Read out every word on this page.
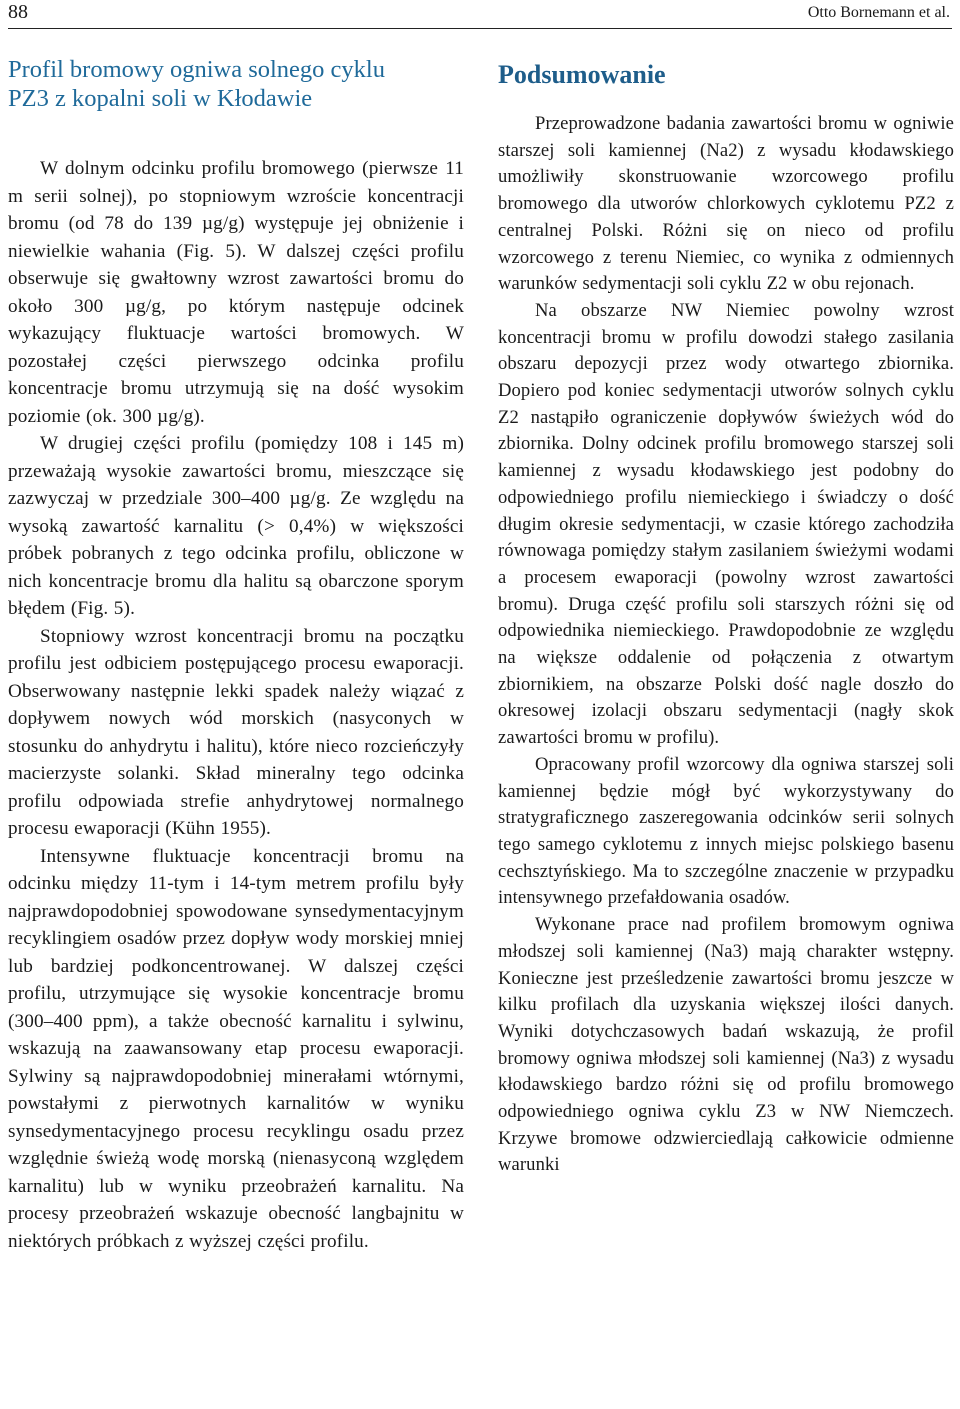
88	Otto Bornemann et al.
Profil bromowy ogniwa solnego cyklu
PZ3 z kopalni soli w Kłodawie

W dolnym odcinku profilu bromowego (pierwsze 11 m serii solnej), po stopniowym wzroście koncentracji bromu (od 78 do 139 µg/g) występuje jej obniżenie i niewielkie wahania (Fig. 5). W dalszej części profilu obserwuje się gwałtowny wzrost zawartości bromu do około 300 µg/g, po którym następuje odcinek wykazujący fluktuacje wartości bromowych. W pozostałej części pierwszego odcinka profilu koncentracje bromu utrzymują się na dość wysokim poziomie (ok. 300 µg/g).

W drugiej części profilu (pomiędzy 108 i 145 m) przeważają wysokie zawartości bromu, mieszczące się zazwyczaj w przedziale 300–400 µg/g. Ze względu na wysoką zawartość karnalitu (> 0,4%) w większości próbek pobranych z tego odcinka profilu, obliczone w nich koncentracje bromu dla halitu są obarczone sporym błędem (Fig. 5).

Stopniowy wzrost koncentracji bromu na początku profilu jest odbiciem postępującego procesu ewaporacji. Obserwowany następnie lekki spadek należy wiązać z dopływem nowych wód morskich (nasyconych w stosunku do anhydrytu i halitu), które nieco rozcieńczyły macierzyste solanki. Skład mineralny tego odcinka profilu odpowiada strefie anhydrytowej normalnego procesu ewaporacji (Kühn 1955).

Intensywne fluktuacje koncentracji bromu na odcinku między 11-tym i 14-tym metrem profilu były najprawdopodobniej spowodowane synsedymentacyjnym recyklingiem osadów przez dopływ wody morskiej mniej lub bardziej podkoncentrowanej. W dalszej części profilu, utrzymujące się wysokie koncentracje bromu (300–400 ppm), a także obecność karnalitu i sylwinu, wskazują na zaawansowany etap procesu ewaporacji. Sylwiny są najprawdopodobniej minerałami wtórnymi, powstałymi z pierwotnych karnalitów w wyniku synsedymentacyjnego procesu recyklingu osadu przez względnie świeżą wodę morską (nienasyconą względem karnalitu) lub w wyniku przeobrażeń karnalitu. Na procesy przeobrażeń wskazuje obecność langbajnitu w niektórych próbkach z wyższej części profilu.

Podsumowanie

Przeprowadzone badania zawartości bromu w ogniwie starszej soli kamiennej (Na2) z wysadu kłodawskiego umożliwiły skonstruowanie wzorcowego profilu bromowego dla utworów chlorkowych cyklotemu PZ2 z centralnej Polski. Różni się on nieco od profilu wzorcowego z terenu Niemiec, co wynika z odmiennych warunków sedymentacji soli cyklu Z2 w obu rejonach.

Na obszarze NW Niemiec powolny wzrost koncentracji bromu w profilu dowodzi stałego zasilania obszaru depozycji przez wody otwartego zbiornika. Dopiero pod koniec sedymentacji utworów solnych cyklu Z2 nastąpiło ograniczenie dopływów świeżych wód do zbiornika. Dolny odcinek profilu bromowego starszej soli kamiennej z wysadu kłodawskiego jest podobny do odpowiedniego profilu niemieckiego i świadczy o dość długim okresie sedymentacji, w czasie którego zachodziła równowaga pomiędzy stałym zasilaniem świeżymi wodami a procesem ewaporacji (powolny wzrost zawartości bromu). Druga część profilu soli starszych różni się od odpowiednika niemieckiego. Prawdopodobnie ze względu na większe oddalenie od połączenia z otwartym zbiornikiem, na obszarze Polski dość nagle doszło do okresowej izolacji obszaru sedymentacji (nagły skok zawartości bromu w profilu).

Opracowany profil wzorcowy dla ogniwa starszej soli kamiennej będzie mógł być wykorzystywany do stratygraficznego zaszeregowania odcinków serii solnych tego samego cyklotemu z innych miejsc polskiego basenu cechsztyńskiego. Ma to szczególne znaczenie w przypadku intensywnego przefałdowania osadów.

Wykonane prace nad profilem bromowym ogniwa młodszej soli kamiennej (Na3) mają charakter wstępny. Konieczne jest prześledzenie zawartości bromu jeszcze w kilku profilach dla uzyskania większej ilości danych. Wyniki dotychczasowych badań wskazują, że profil bromowy ogniwa młodszej soli kamiennej (Na3) z wysadu kłodawskiego bardzo różni się od profilu bromowego odpowiedniego ogniwa cyklu Z3 w NW Niemczech. Krzywe bromowe odzwierciedlają całkowicie odmienne warunki
